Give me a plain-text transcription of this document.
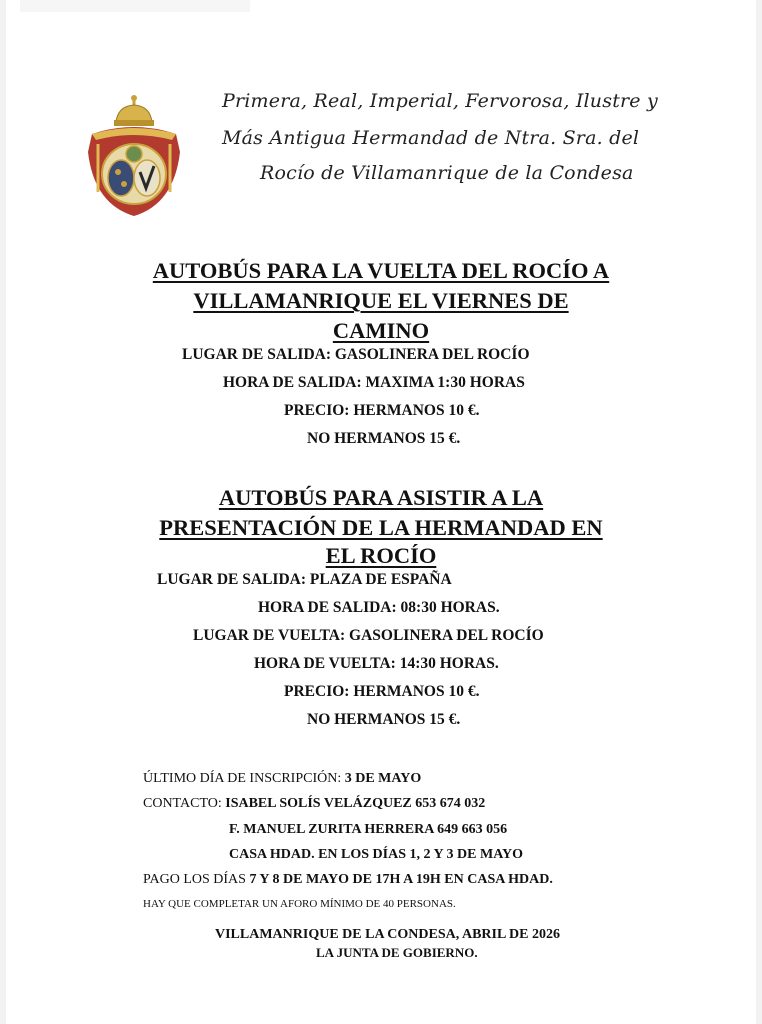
Primera, Real, Imperial, Fervorosa, Ilustre y
Más Antigua Hermandad de Ntra. Sra. del
Rocío de Villamanrique de la Condesa
AUTOBÚS PARA LA VUELTA DEL ROCÍO A
VILLAMANRIQUE EL VIERNES DE
CAMINO
LUGAR DE SALIDA: GASOLINERA DEL ROCÍO
HORA DE SALIDA: MAXIMA 1:30 HORAS
PRECIO: HERMANOS 10 €.
NO HERMANOS 15 €.
AUTOBÚS PARA ASISTIR A LA
PRESENTACIÓN DE LA HERMANDAD EN
EL ROCÍO
LUGAR DE SALIDA: PLAZA DE ESPAÑA
HORA DE SALIDA: 08:30 HORAS.
LUGAR DE VUELTA: GASOLINERA DEL ROCÍO
HORA DE VUELTA: 14:30 HORAS.
PRECIO: HERMANOS 10 €.
NO HERMANOS 15 €.
ÚLTIMO DÍA DE INSCRIPCIÓN: 3 DE MAYO
CONTACTO: ISABEL SOLÍS VELÁZQUEZ 653 674 032
F. MANUEL ZURITA HERRERA 649 663 056
CASA HDAD. EN LOS DÍAS 1, 2 Y 3 DE MAYO
PAGO LOS DÍAS 7 Y 8 DE MAYO DE 17H A 19H EN CASA HDAD.
HAY QUE COMPLETAR UN AFORO MÍNIMO DE 40 PERSONAS.
VILLAMANRIQUE DE LA CONDESA, ABRIL DE 2026
LA JUNTA DE GOBIERNO.
